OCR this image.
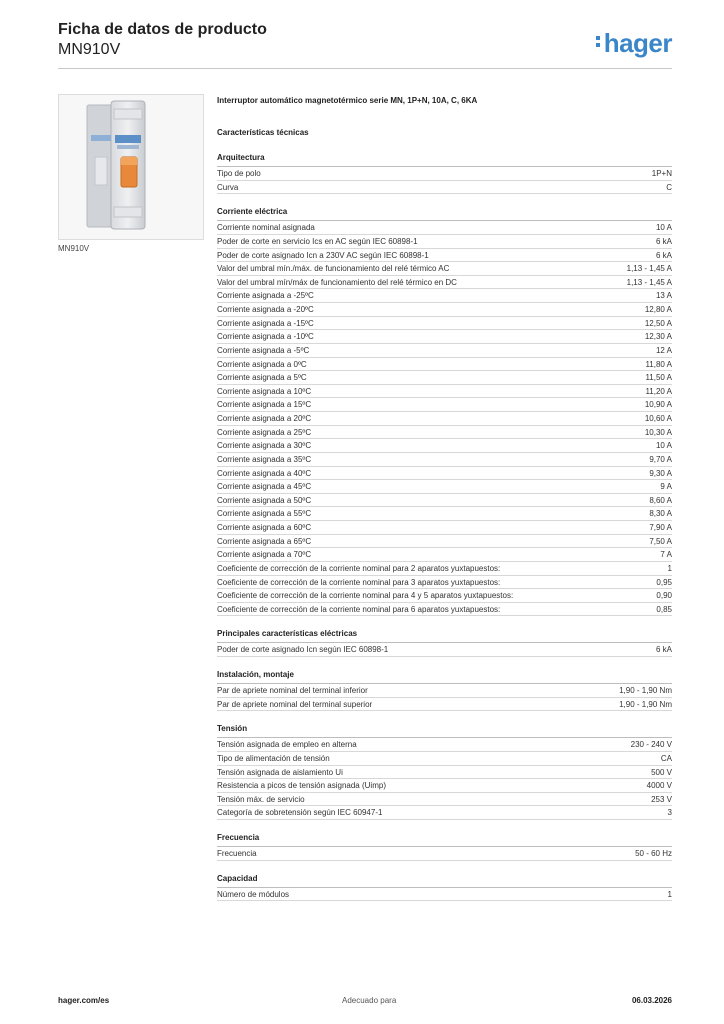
Ficha de datos de producto
MN910V	hager
MN910V
Interruptor automático magnetotérmico serie MN, 1P+N, 10A, C, 6KA
Características técnicas
Arquitectura
Tipo de polo	1P+N
Curva	C
Corriente eléctrica
Corriente nominal asignada	10 A
Poder de corte en servicio Ics en AC según IEC 60898-1	6 kA
Poder de corte asignado Icn a 230V AC según IEC 60898-1	6 kA
Valor del umbral mín./máx. de funcionamiento del relé térmico AC	1,13 - 1,45 A
Valor del umbral mín/máx de funcionamiento del relé térmico en DC	1,13 - 1,45 A
Corriente asignada a -25ºC	13 A
Corriente asignada a -20ºC	12,80 A
Corriente asignada a -15ºC	12,50 A
Corriente asignada a -10ºC	12,30 A
Corriente asignada a -5ºC	12 A
Corriente asignada a 0ºC	11,80 A
Corriente asignada a 5ºC	11,50 A
Corriente asignada a 10ºC	11,20 A
Corriente asignada a 15ºC	10,90 A
Corriente asignada a 20ºC	10,60 A
Corriente asignada a 25ºC	10,30 A
Corriente asignada a 30ºC	10 A
Corriente asignada a 35ºC	9,70 A
Corriente asignada a 40ºC	9,30 A
Corriente asignada a 45ºC	9 A
Corriente asignada a 50ºC	8,60 A
Corriente asignada a 55ºC	8,30 A
Corriente asignada a 60ºC	7,90 A
Corriente asignada a 65ºC	7,50 A
Corriente asignada a 70ºC	7 A
Coeficiente de corrección de la corriente nominal para 2 aparatos yuxtapuestos:	1
Coeficiente de corrección de la corriente nominal para 3 aparatos yuxtapuestos:	0,95
Coeficiente de corrección de la corriente nominal para 4 y 5 aparatos yuxtapuestos:	0,90
Coeficiente de corrección de la corriente nominal para 6 aparatos yuxtapuestos:	0,85
Principales características eléctricas
Poder de corte asignado Icn según IEC 60898-1	6 kA
Instalación, montaje
Par de apriete nominal del terminal inferior	1,90 - 1,90 Nm
Par de apriete nominal del terminal superior	1,90 - 1,90 Nm
Tensión
Tensión asignada de empleo en alterna	230 - 240 V
Tipo de alimentación de tensión	CA
Tensión asignada de aislamiento Ui	500 V
Resistencia a picos de tensión asignada (Uimp)	4000 V
Tensión máx. de servicio	253 V
Categoría de sobretensión según IEC 60947-1	3
Frecuencia
Frecuencia	50 - 60 Hz
Capacidad
Número de módulos	1
hager.com/es	Adecuado para	06.03.2026
